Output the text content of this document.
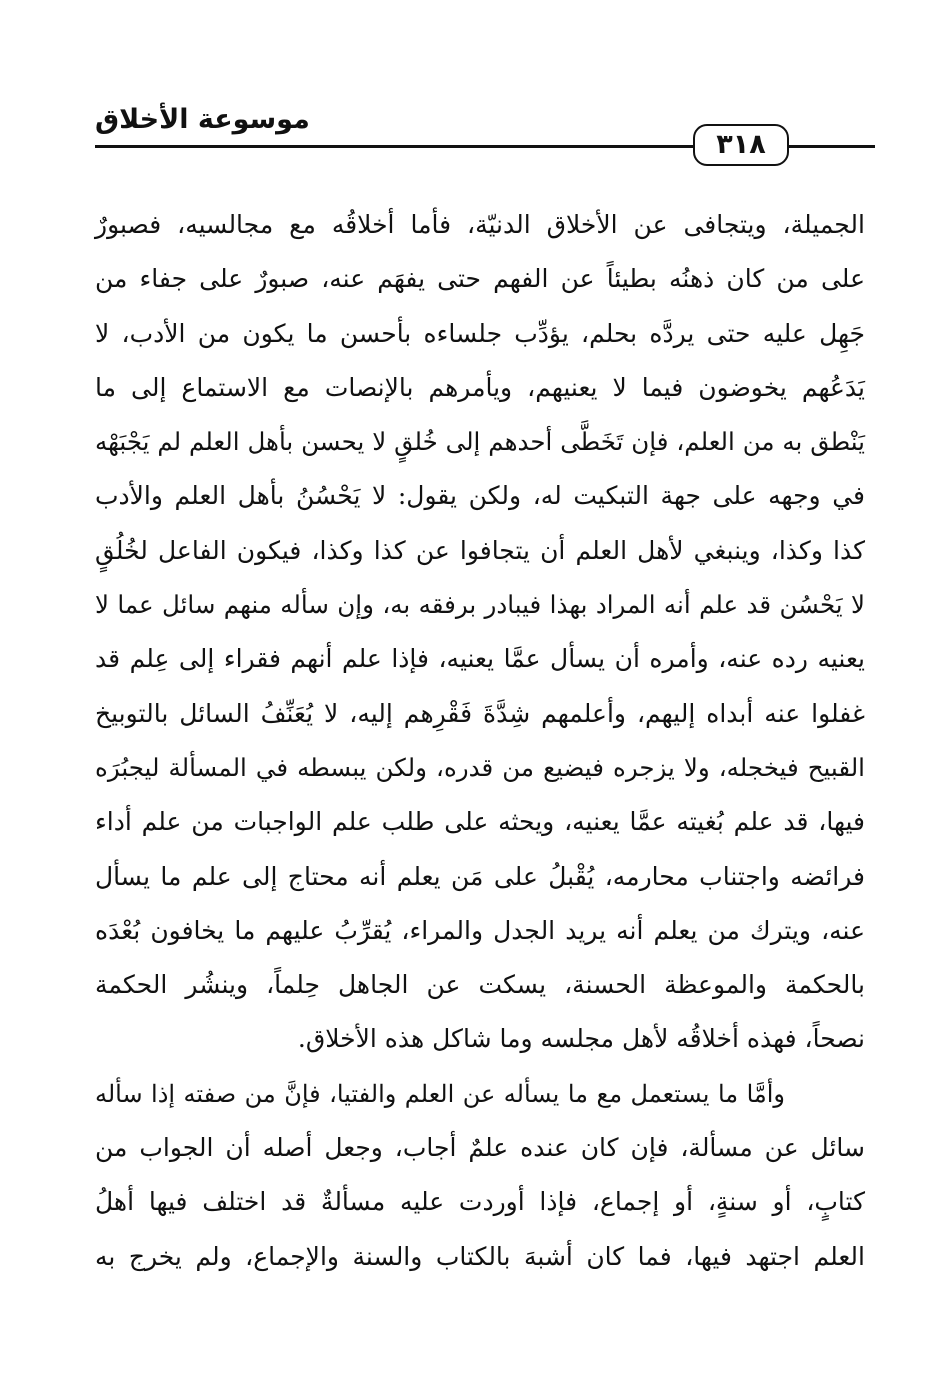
موسوعة الأخلاق
٣١٨
الجميلة، ويتجافى عن الأخلاق الدنيّة، فأما أخلاقُه مع مجالسيه، فصبورٌ
على من كان ذهنُه بطيئاً عن الفهم حتى يفهَم عنه، صبورٌ على جفاء من
جَهِل عليه حتى يردَّه بحلم، يؤدِّب جلساءه بأحسن ما يكون من الأدب، لا
يَدَعُهم يخوضون فيما لا يعنيهم، ويأمرهم بالإنصات مع الاستماع إلى ما
يَنْطق به من العلم، فإن تَخَطَّى أحدهم إلى خُلقٍ لا يحسن بأهل العلم لم يَجْبَهْه
في وجهه على جهة التبكيت له، ولكن يقول: لا يَحْسُنُ بأهل العلم والأدب
كذا وكذا، وينبغي لأهل العلم أن يتجافوا عن كذا وكذا، فيكون الفاعل لخُلُقٍ
لا يَحْسُن قد علم أنه المراد بهذا فيبادر برفقه به، وإن سأله منهم سائل عما لا
يعنيه رده عنه، وأمره أن يسأل عمَّا يعنيه، فإذا علم أنهم فقراء إلى عِلم قد
غفلوا عنه أبداه إليهم، وأعلمهم شِدَّةَ فَقْرِهم إليه، لا يُعَنِّفُ السائل بالتوبيخ
القبيح فيخجله، ولا يزجره فيضيع من قدره، ولكن يبسطه في المسألة ليجبُرَه
فيها، قد علم بُغيته عمَّا يعنيه، ويحثه على طلب علم الواجبات من علم أداء
فرائضه واجتناب محارمه، يُقْبلُ على مَن يعلم أنه محتاج إلى علم ما يسأل
عنه، ويترك من يعلم أنه يريد الجدل والمراء، يُقرِّبُ عليهم ما يخافون بُعْدَه
بالحكمة والموعظة الحسنة، يسكت عن الجاهل حِلماً، وينشُر الحكمة
نصحاً، فهذه أخلاقُه لأهل مجلسه وما شاكل هذه الأخلاق.
وأمَّا ما يستعمل مع ما يسأله عن العلم والفتيا، فإنَّ من صفته إذا سأله
سائل عن مسألة، فإن كان عنده علمٌ أجاب، وجعل أصله أن الجواب من
كتابٍ، أو سنةٍ، أو إجماع، فإذا أوردت عليه مسألةٌ قد اختلف فيها أهلُ
العلم اجتهد فيها، فما كان أشبهَ بالكتاب والسنة والإجماع، ولم يخرج به
